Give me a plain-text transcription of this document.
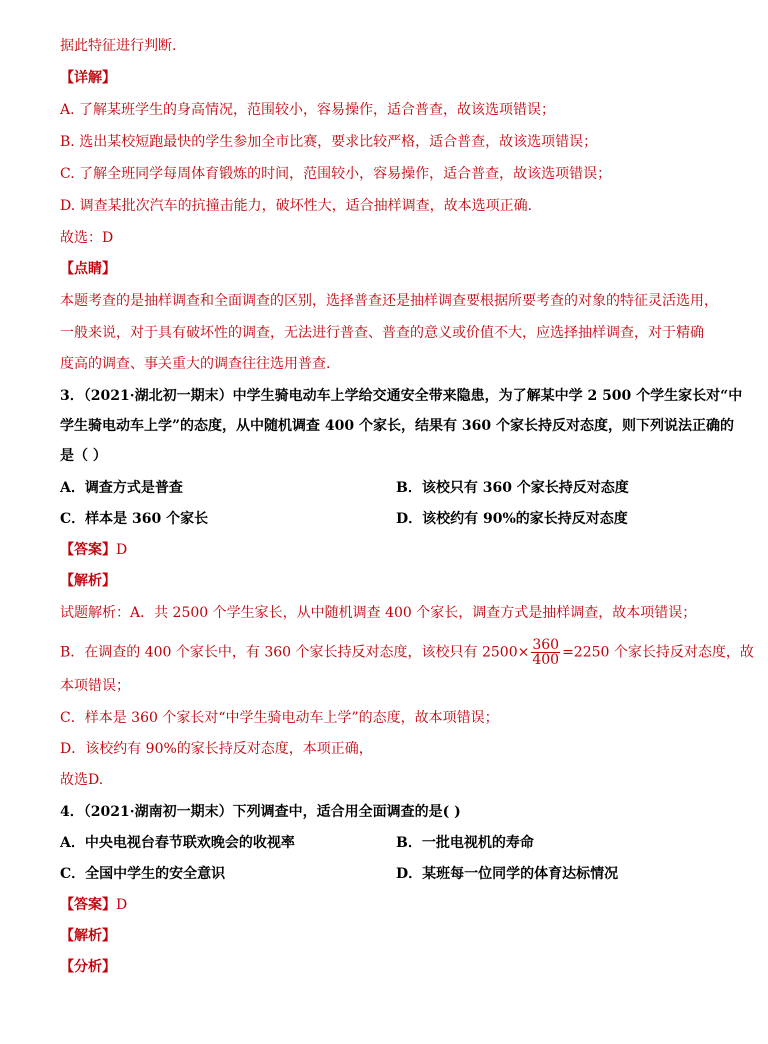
据此特征进行判断.
【详解】
A. 了解某班学生的身高情况，范围较小，容易操作，适合普查，故该选项错误；
B. 选出某校短跑最快的学生参加全市比赛，要求比较严格，适合普查，故该选项错误；
C. 了解全班同学每周体育锻炼的时间，范围较小，容易操作，适合普查，故该选项错误；
D. 调查某批次汽车的抗撞击能力，破坏性大，适合抽样调查，故本选项正确.
故选：D
【点睛】
本题考查的是抽样调查和全面调查的区别，选择普查还是抽样调查要根据所要考查的对象的特征灵活选用，
一般来说，对于具有破坏性的调查，无法进行普查、普查的意义或价值不大，应选择抽样调查，对于精确
度高的调查、事关重大的调查往往选用普查.
3．（2021·湖北初一期末）中学生骑电动车上学给交通安全带来隐患，为了解某中学 2 500 个学生家长对“中
学生骑电动车上学”的态度，从中随机调查 400 个家长，结果有 360 个家长持反对态度，则下列说法正确的
是（ ）
A．调查方式是普查	B．该校只有 360 个家长持反对态度
C．样本是 360 个家长	D．该校约有 90%的家长持反对态度
【答案】D
【解析】
试题解析：A．共 2500 个学生家长，从中随机调查 400 个家长，调查方式是抽样调查，故本项错误；
B．在调查的 400 个家长中，有 360 个家长持反对态度，该校只有 $2500\times \frac{360}{400} =2250$ 个家长持反对态度，故
本项错误；
C．样本是 360 个家长对“中学生骑电动车上学”的态度，故本项错误；
D．该校约有 90%的家长持反对态度，本项正确，
故选D.
4．（2021·湖南初一期末）下列调查中，适合用全面调查的是( )
A．中央电视台春节联欢晚会的收视率	B．一批电视机的寿命
C．全国中学生的安全意识	D．某班每一位同学的体育达标情况
【答案】D
【解析】
【分析】
